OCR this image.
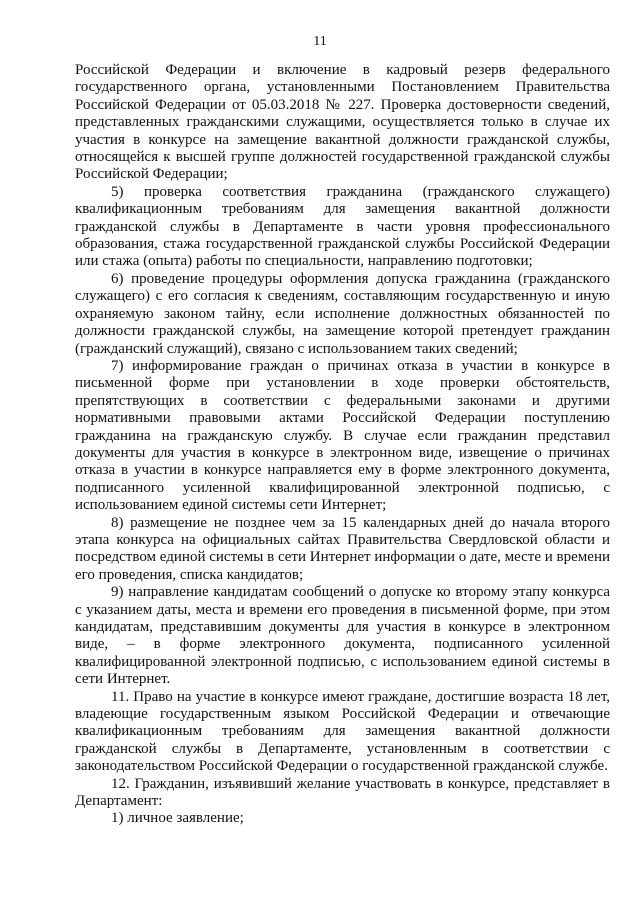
11

Российской Федерации и включение в кадровый резерв федерального государственного органа, установленными Постановлением Правительства Российской Федерации от 05.03.2018 № 227. Проверка достоверности сведений, представленных гражданскими служащими, осуществляется только в случае их участия в конкурсе на замещение вакантной должности гражданской службы, относящейся к высшей группе должностей государственной гражданской службы Российской Федерации;

5) проверка соответствия гражданина (гражданского служащего) квалификационным требованиям для замещения вакантной должности гражданской службы в Департаменте в части уровня профессионального образования, стажа государственной гражданской службы Российской Федерации или стажа (опыта) работы по специальности, направлению подготовки;

6) проведение процедуры оформления допуска гражданина (гражданского служащего) с его согласия к сведениям, составляющим государственную и иную охраняемую законом тайну, если исполнение должностных обязанностей по должности гражданской службы, на замещение которой претендует гражданин (гражданский служащий), связано с использованием таких сведений;

7) информирование граждан о причинах отказа в участии в конкурсе в письменной форме при установлении в ходе проверки обстоятельств, препятствующих в соответствии с федеральными законами и другими нормативными правовыми актами Российской Федерации поступлению гражданина на гражданскую службу. В случае если гражданин представил документы для участия в конкурсе в электронном виде, извещение о причинах отказа в участии в конкурсе направляется ему в форме электронного документа, подписанного усиленной квалифицированной электронной подписью, с использованием единой системы сети Интернет;

8) размещение не позднее чем за 15 календарных дней до начала второго этапа конкурса на официальных сайтах Правительства Свердловской области и посредством единой системы в сети Интернет информации о дате, месте и времени его проведения, списка кандидатов;

9) направление кандидатам сообщений о допуске ко второму этапу конкурса с указанием даты, места и времени его проведения в письменной форме, при этом кандидатам, представившим документы для участия в конкурсе в электронном виде, – в форме электронного документа, подписанного усиленной квалифицированной электронной подписью, с использованием единой системы в сети Интернет.

11. Право на участие в конкурсе имеют граждане, достигшие возраста 18 лет, владеющие государственным языком Российской Федерации и отвечающие квалификационным требованиям для замещения вакантной должности гражданской службы в Департаменте, установленным в соответствии с законодательством Российской Федерации о государственной гражданской службе.

12. Гражданин, изъявивший желание участвовать в конкурсе, представляет в Департамент:

1) личное заявление;
